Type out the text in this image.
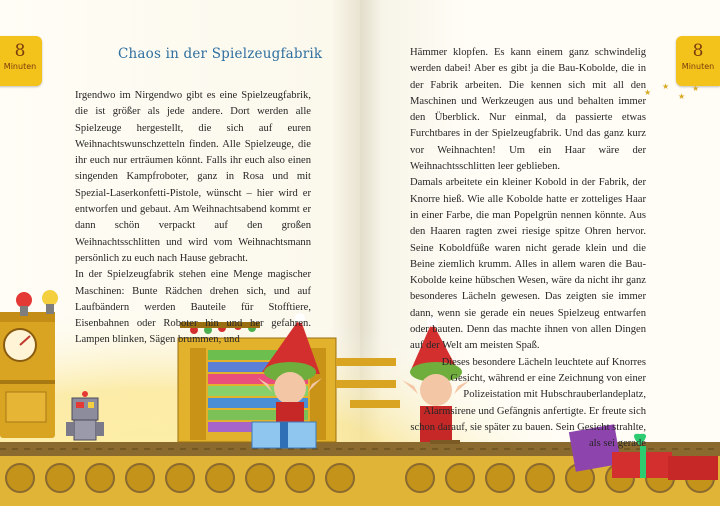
8
Minuten
8
Minuten
★
★
★
★
Chaos in der Spielzeugfabrik

Irgendwo im Nirgendwo gibt es eine Spielzeugfabrik, die ist größer als jede andere. Dort werden alle Spielzeuge hergestellt, die sich auf euren Weihnachtswunschzetteln finden. Alle Spielzeuge, die ihr euch nur erträumen könnt. Falls ihr euch also einen singenden Kampfroboter, ganz in Rosa und mit Spezial-Laserkonfetti-Pistole, wünscht – hier wird er entworfen und gebaut. Am Weihnachtsabend kommt er dann schön verpackt auf den großen Weihnachtsschlitten und wird vom Weihnachtsmann persönlich zu euch nach Hause gebracht.

In der Spielzeugfabrik stehen eine Menge magischer Maschinen: Bunte Rädchen drehen sich, und auf Laufbändern werden Bauteile für Stofftiere, Eisenbahnen oder Roboter hin und her gefahren. Lampen blinken, Sägen brummen, und

Hämmer klopfen. Es kann einem ganz schwindelig werden dabei! Aber es gibt ja die Bau-Kobolde, die in der Fabrik arbeiten. Die kennen sich mit all den Maschinen und Werkzeugen aus und behalten immer den Überblick. Nur einmal, da passierte etwas Furchtbares in der Spielzeugfabrik. Und das ganz kurz vor Weihnachten! Um ein Haar wäre der Weihnachtsschlitten leer geblieben.

Damals arbeitete ein kleiner Kobold in der Fabrik, der Knorre hieß. Wie alle Kobolde hatte er zotteliges Haar in einer Farbe, die man Popelgrün nennen könnte. Aus den Haaren ragten zwei riesige spitze Ohren hervor. Seine Koboldfüße waren nicht gerade klein und die Beine ziemlich krumm. Alles in allem waren die Bau-Kobolde keine hübschen Wesen, wäre da nicht ihr ganz besonderes Lächeln gewesen. Das zeigten sie immer dann, wenn sie gerade ein neues Spielzeug entwarfen oder bauten. Denn das machte ihnen von allen Dingen auf der Welt am meisten Spaß.

Dieses besondere Lächeln leuchtete auf Knorres Gesicht, während er eine Zeichnung von einer Polizeistation mit Hubschrauberlandeplatz, Alarmsirene und Gefängnis anfertigte. Er freute sich schon darauf, sie später zu bauen. Sein Gesicht strahlte, als sei gerade
